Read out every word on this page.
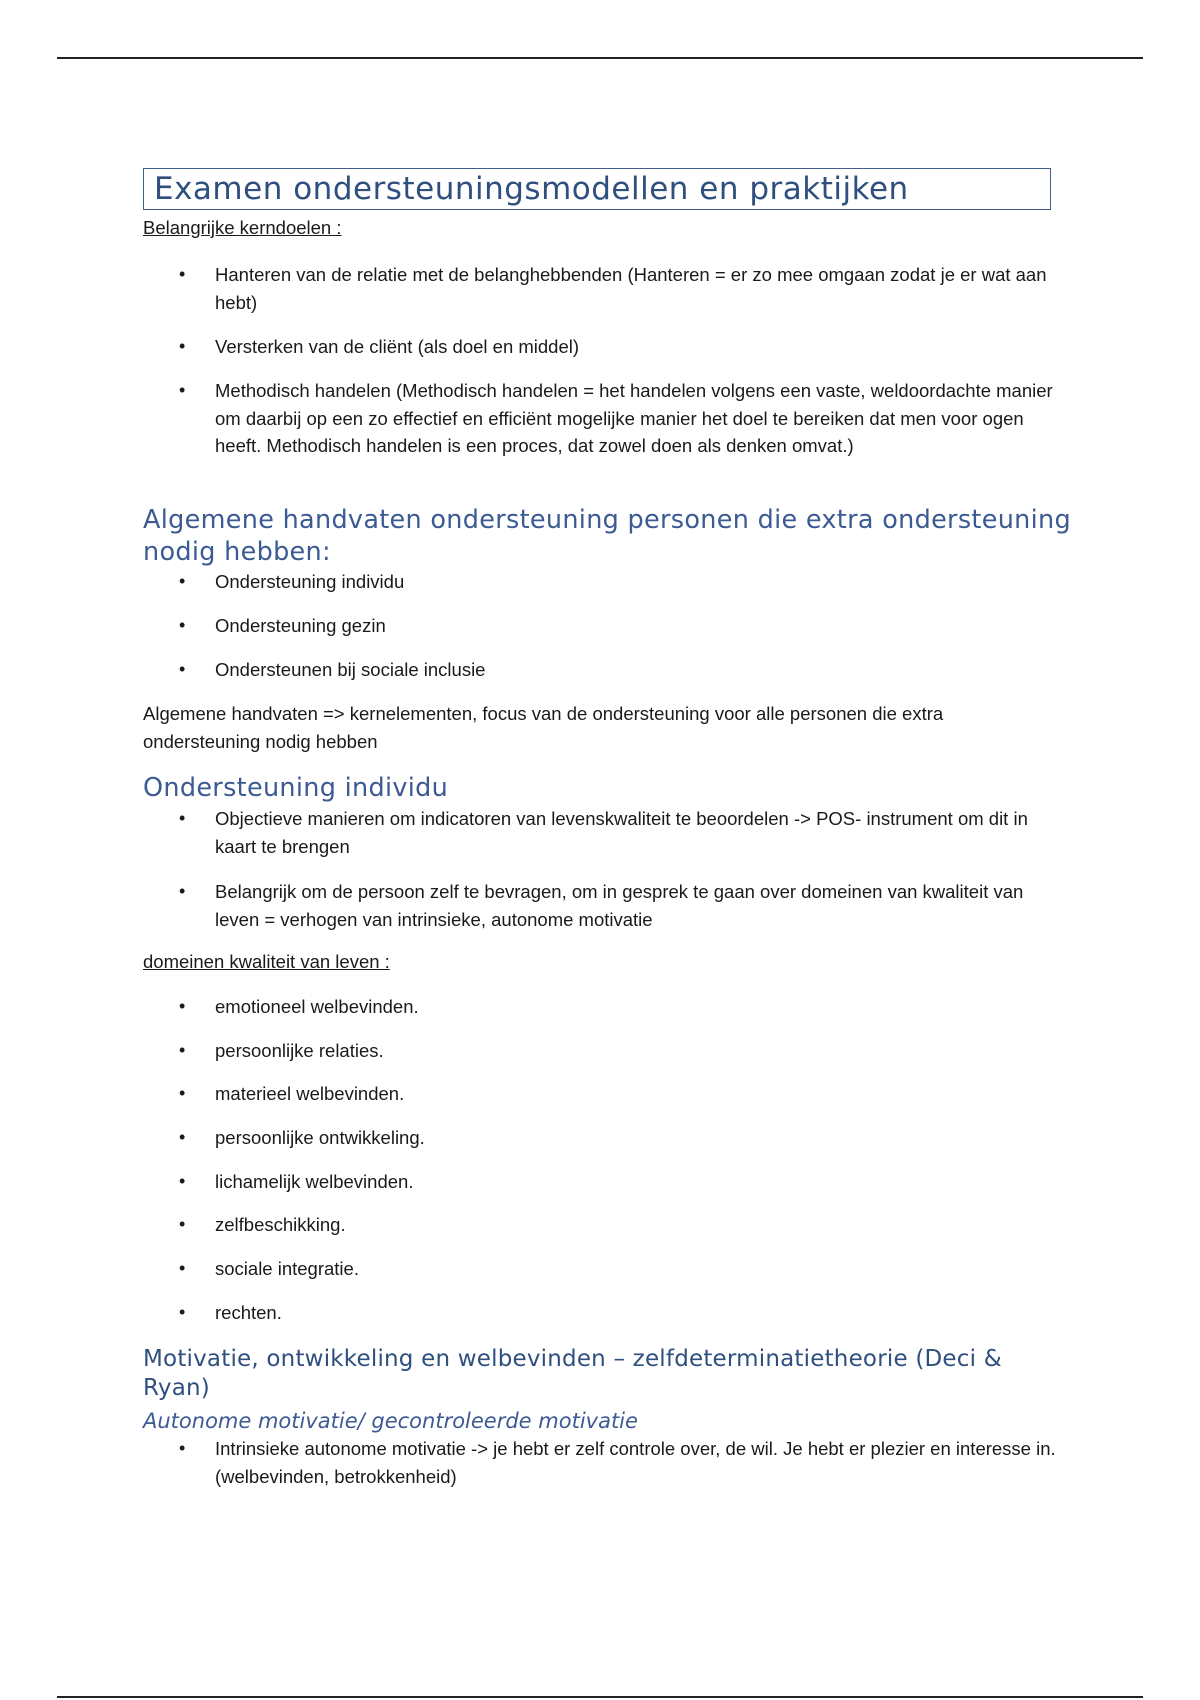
Examen ondersteuningsmodellen en praktijken
Belangrijke kerndoelen :
•	Hanteren van de relatie met de belanghebbenden (Hanteren = er zo mee omgaan zodat je er wat aan hebt)
•	Versterken van de cliënt (als doel en middel)
•	Methodisch handelen (Methodisch handelen = het handelen volgens een vaste, weldoordachte manier om daarbij op een zo effectief en efficiënt mogelijke manier het doel te bereiken dat men voor ogen heeft. Methodisch handelen is een proces, dat zowel doen als denken omvat.)
Algemene handvaten ondersteuning personen die extra ondersteuning nodig hebben:
•	Ondersteuning individu
•	Ondersteuning gezin
•	Ondersteunen bij sociale inclusie
Algemene handvaten => kernelementen, focus van de ondersteuning voor alle personen die extra ondersteuning nodig hebben
Ondersteuning individu
•	Objectieve manieren om indicatoren van levenskwaliteit te beoordelen -> POS- instrument om dit in kaart te brengen
•	Belangrijk om de persoon zelf te bevragen, om in gesprek te gaan over domeinen van kwaliteit van leven = verhogen van intrinsieke, autonome motivatie
domeinen kwaliteit van leven :
•	emotioneel welbevinden.
•	persoonlijke relaties.
•	materieel welbevinden.
•	persoonlijke ontwikkeling.
•	lichamelijk welbevinden.
•	zelfbeschikking.
•	sociale integratie.
•	rechten.
Motivatie, ontwikkeling en welbevinden – zelfdeterminatietheorie (Deci & Ryan)
Autonome motivatie/ gecontroleerde motivatie
•	Intrinsieke autonome motivatie -> je hebt er zelf controle over, de wil. Je hebt er plezier en interesse in. (welbevinden, betrokkenheid)
